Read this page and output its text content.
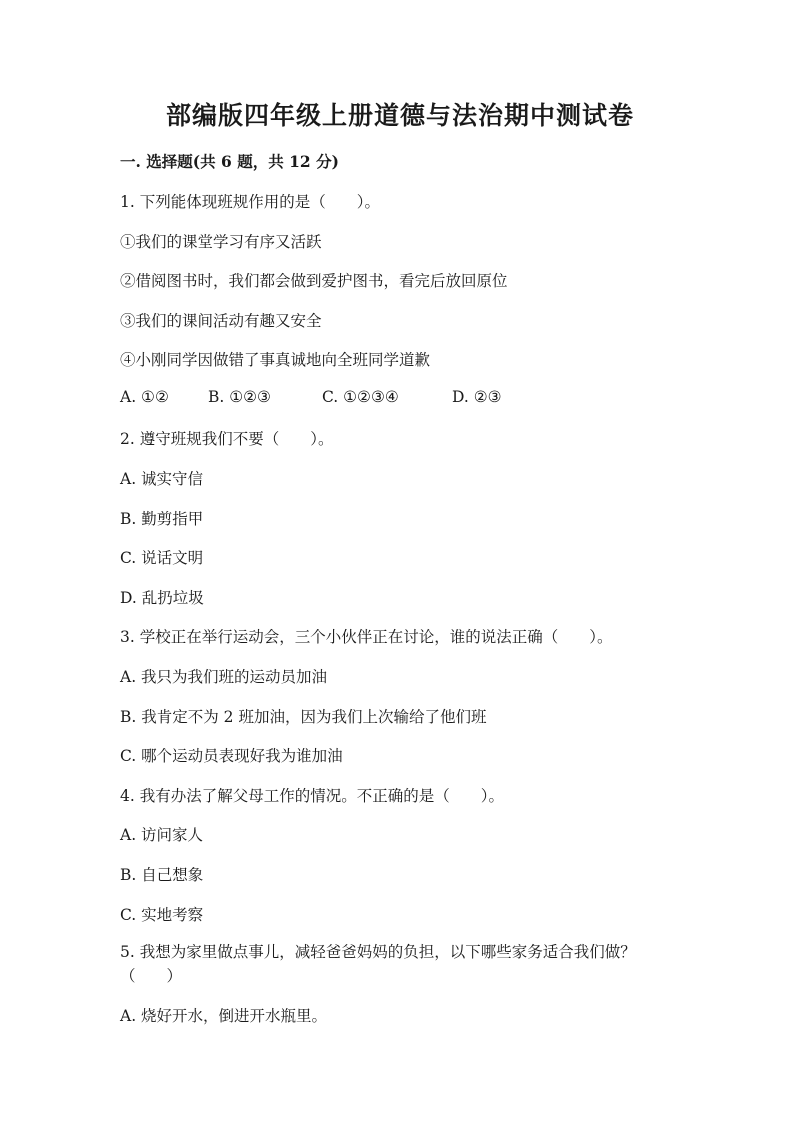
部编版四年级上册道德与法治期中测试卷
一. 选择题(共 6 题，共 12 分)
1. 下列能体现班规作用的是（　　）。
①我们的课堂学习有序又活跃
②借阅图书时，我们都会做到爱护图书，看完后放回原位
③我们的课间活动有趣又安全
④小刚同学因做错了事真诚地向全班同学道歉
A. ①②	B. ①②③	C. ①②③④	D. ②③
2. 遵守班规我们不要（　　）。
A. 诚实守信
B. 勤剪指甲
C. 说话文明
D. 乱扔垃圾
3. 学校正在举行运动会，三个小伙伴正在讨论，谁的说法正确（　　）。
A. 我只为我们班的运动员加油
B. 我肯定不为 2 班加油，因为我们上次输给了他们班
C. 哪个运动员表现好我为谁加油
4. 我有办法了解父母工作的情况。不正确的是（　　）。
A. 访问家人
B. 自己想象
C. 实地考察
5. 我想为家里做点事儿，减轻爸爸妈妈的负担，以下哪些家务适合我们做？（　　）
A. 烧好开水，倒进开水瓶里。
